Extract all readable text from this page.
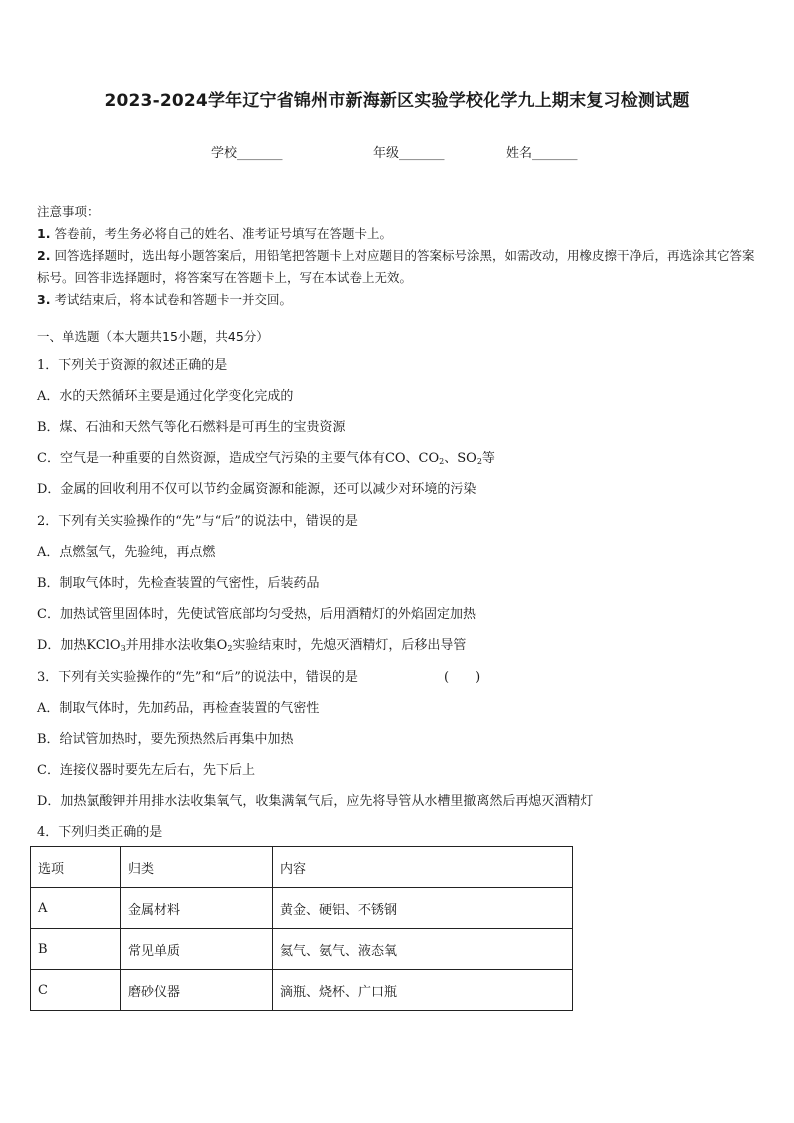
2023-2024学年辽宁省锦州市新海新区实验学校化学九上期末复习检测试题
学校_______	年级_______	姓名_______
注意事项：
1. 答卷前，考生务必将自己的姓名、准考证号填写在答题卡上。
2. 回答选择题时，选出每小题答案后，用铅笔把答题卡上对应题目的答案标号涂黑，如需改动，用橡皮擦干净后，再选涂其它答案标号。回答非选择题时，将答案写在答题卡上，写在本试卷上无效。
3. 考试结束后，将本试卷和答题卡一并交回。
一、单选题（本大题共15小题，共45分）
1．下列关于资源的叙述正确的是
A．水的天然循环主要是通过化学变化完成的
B．煤、石油和天然气等化石燃料是可再生的宝贵资源
C．空气是一种重要的自然资源，造成空气污染的主要气体有CO、$CO_2$、$SO_2$等
D．金属的回收利用不仅可以节约金属资源和能源，还可以减少对环境的污染
2．下列有关实验操作的“先”与“后”的说法中，错误的是
A．点燃氢气，先验纯，再点燃
B．制取气体时，先检查装置的气密性，后装药品
C．加热试管里固体时，先使试管底部均匀受热，后用酒精灯的外焰固定加热
D．加热KClO$_3$并用排水法收集$O_2$实验结束时，先熄灭酒精灯，后移出导管
3．下列有关实验操作的“先”和“后”的说法中，错误的是	(　　)
A．制取气体时，先加药品，再检查装置的气密性
B．给试管加热时，要先预热然后再集中加热
C．连接仪器时要先左后右，先下后上
D．加热氯酸钾并用排水法收集氧气，收集满氧气后，应先将导管从水槽里撤离然后再熄灭酒精灯
4．下列归类正确的是
选项	归类	内容
A	金属材料	黄金、硬铝、不锈钢
B	常见单质	氦气、氨气、液态氧
C	磨砂仪器	滴瓶、烧杯、广口瓶
